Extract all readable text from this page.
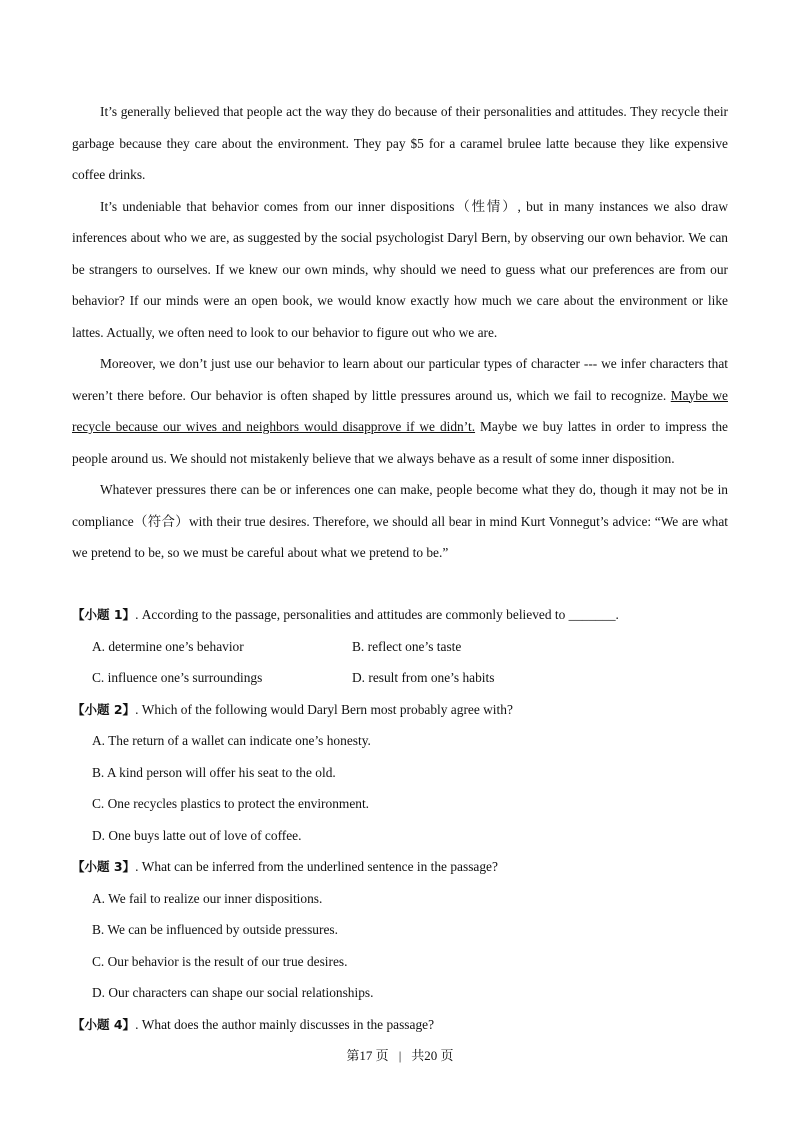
It’s generally believed that people act the way they do because of their personalities and attitudes. They recycle their garbage because they care about the environment. They pay $5 for a caramel brulee latte because they like expensive coffee drinks.

It’s undeniable that behavior comes from our inner dispositions（性情）, but in many instances we also draw inferences about who we are, as suggested by the social psychologist Daryl Bern, by observing our own behavior. We can be strangers to ourselves. If we knew our own minds, why should we need to guess what our preferences are from our behavior? If our minds were an open book, we would know exactly how much we care about the environment or like lattes. Actually, we often need to look to our behavior to figure out who we are.

Moreover, we don’t just use our behavior to learn about our particular types of character --- we infer characters that weren’t there before. Our behavior is often shaped by little pressures around us, which we fail to recognize. Maybe we recycle because our wives and neighbors would disapprove if we didn’t. Maybe we buy lattes in order to impress the people around us. We should not mistakenly believe that we always behave as a result of some inner disposition.

Whatever pressures there can be or inferences one can make, people become what they do, though it may not be in compliance（符合）with their true desires. Therefore, we should all bear in mind Kurt Vonnegut’s advice: “We are what we pretend to be, so we must be careful about what we pretend to be.”

【小题 1】. According to the passage, personalities and attitudes are commonly believed to _______.
A. determine one’s behavior	B. reflect one’s taste
C. influence one’s surroundings	D. result from one’s habits
【小题 2】. Which of the following would Daryl Bern most probably agree with?
A. The return of a wallet can indicate one’s honesty.
B. A kind person will offer his seat to the old.
C. One recycles plastics to protect the environment.
D. One buys latte out of love of coffee.
【小题 3】. What can be inferred from the underlined sentence in the passage?
A. We fail to realize our inner dispositions.
B. We can be influenced by outside pressures.
C. Our behavior is the result of our true desires.
D. Our characters can shape our social relationships.
【小题 4】. What does the author mainly discusses in the passage?
第17 页 | 共20 页
